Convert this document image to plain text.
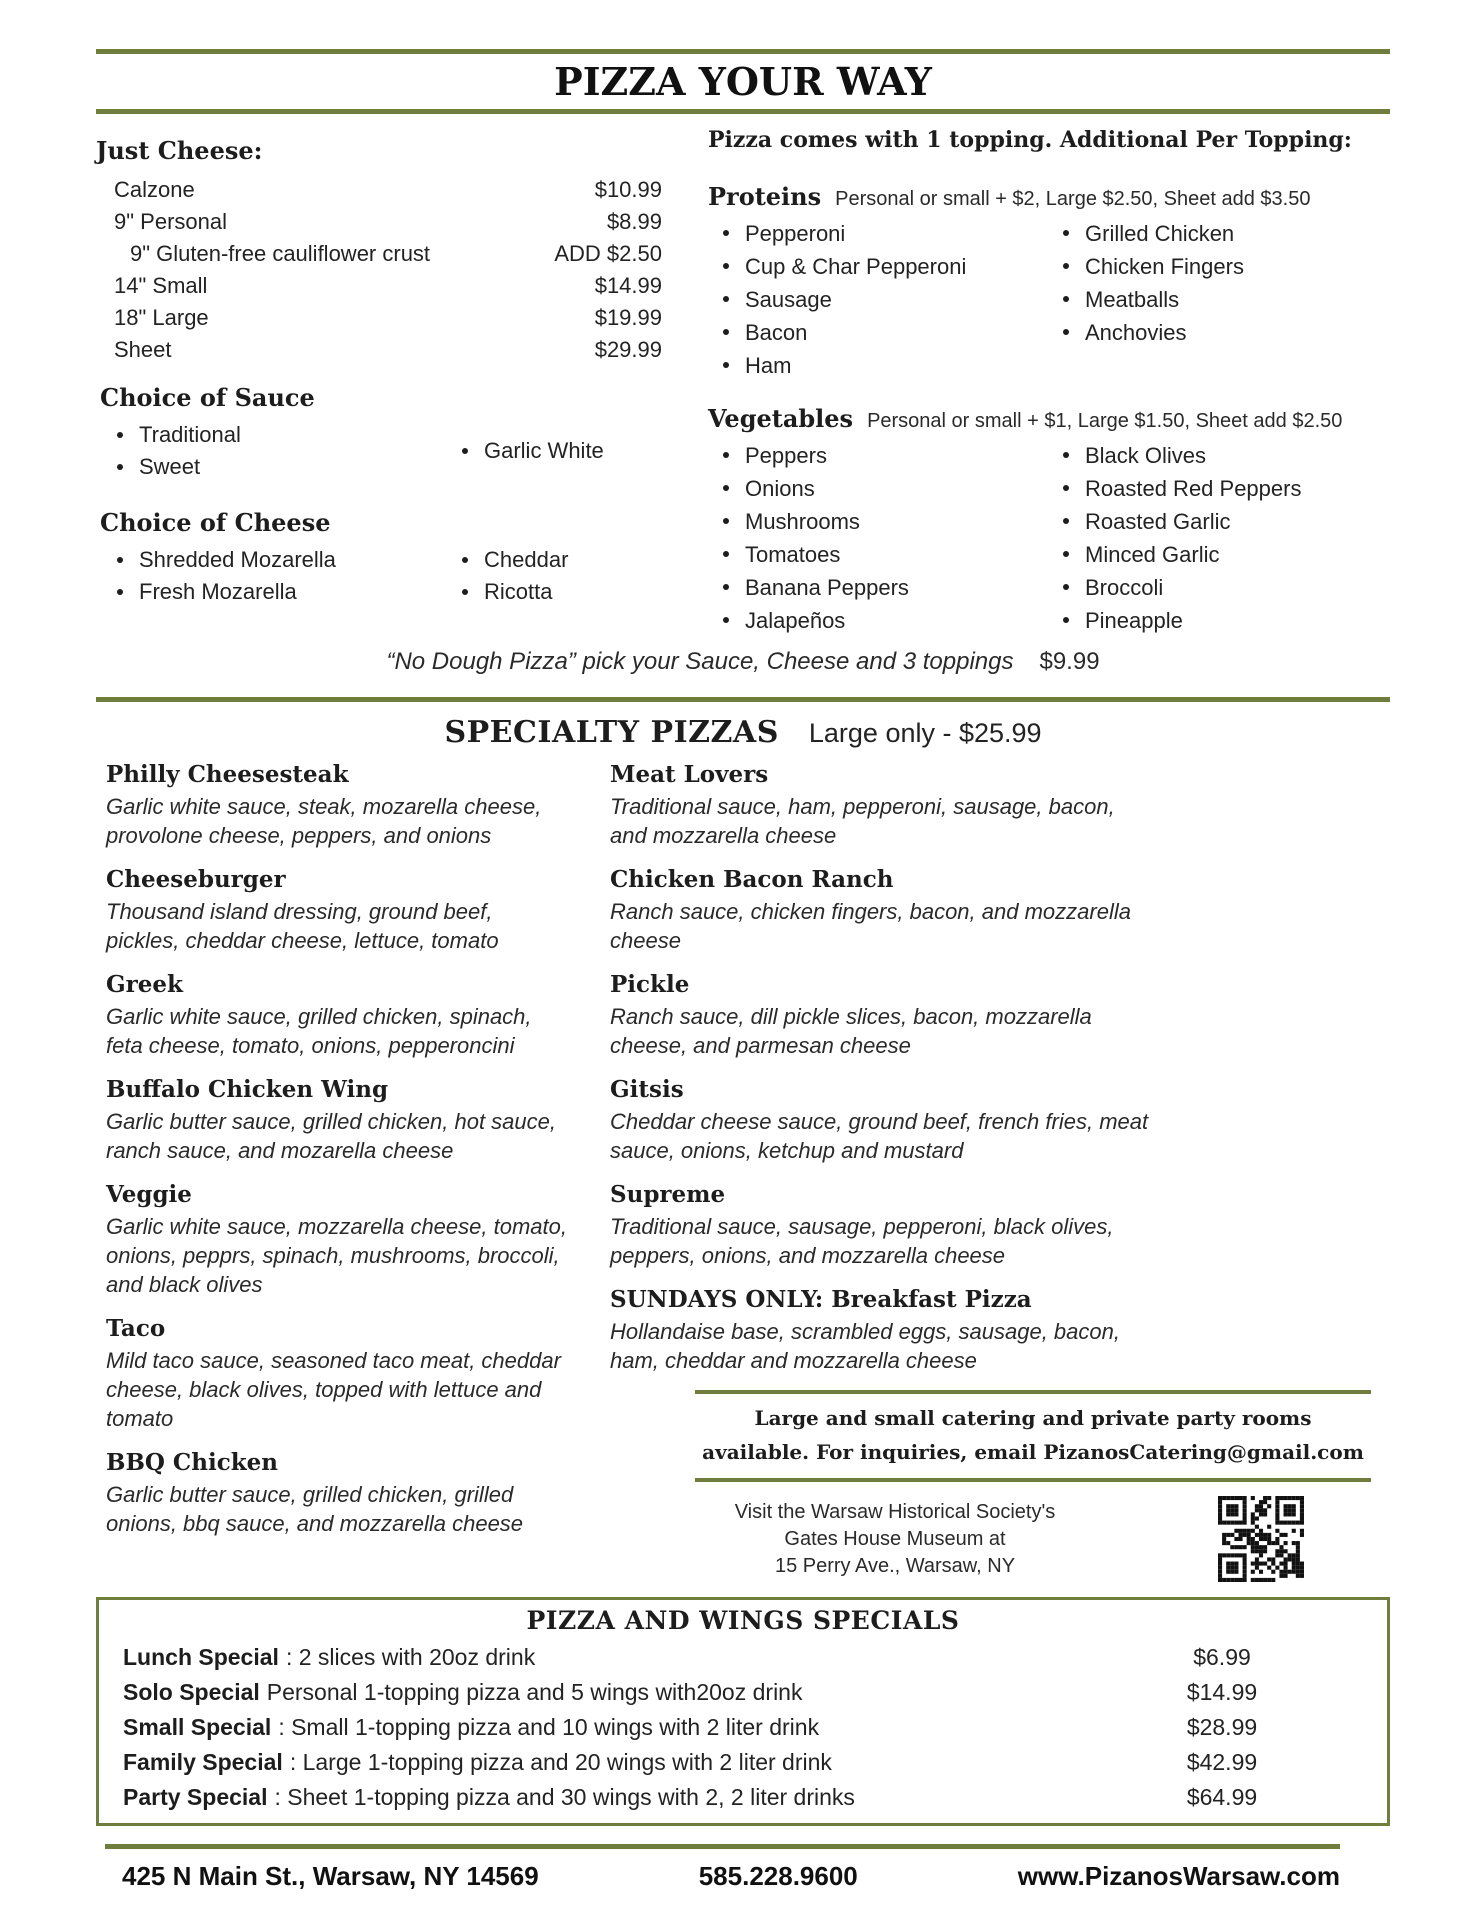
PIZZA YOUR WAY
Just Cheese:
Calzone	$10.99
9" Personal	$8.99
9" Gluten-free cauliflower crust	ADD $2.50
14" Small	$14.99
18" Large	$19.99
Sheet	$29.99
Choice of Sauce
Traditional
Sweet
Garlic White
Choice of Cheese
Shredded Mozarella
Fresh Mozarella
Cheddar
Ricotta
Pizza comes with 1 topping. Additional Per Topping:
Proteins Personal or small + $2, Large $2.50, Sheet add $3.50
Pepperoni
Cup & Char Pepperoni
Sausage
Bacon
Ham
Grilled Chicken
Chicken Fingers
Meatballs
Anchovies
Vegetables Personal or small + $1, Large $1.50, Sheet add $2.50
Peppers
Onions
Mushrooms
Tomatoes
Banana Peppers
Jalapeños
Black Olives
Roasted Red Peppers
Roasted Garlic
Minced Garlic
Broccoli
Pineapple
“No Dough Pizza” pick your Sauce, Cheese and 3 toppings $9.99
SPECIALTY PIZZAS Large only - $25.99
Philly Cheesesteak
Garlic white sauce, steak, mozarella cheese, provolone cheese, peppers, and onions
Cheeseburger
Thousand island dressing, ground beef, pickles, cheddar cheese, lettuce, tomato
Greek
Garlic white sauce, grilled chicken, spinach, feta cheese, tomato, onions, pepperoncini
Buffalo Chicken Wing
Garlic butter sauce, grilled chicken, hot sauce, ranch sauce, and mozarella cheese
Veggie
Garlic white sauce, mozzarella cheese, tomato, onions, pepprs, spinach, mushrooms, broccoli, and black olives
Taco
Mild taco sauce, seasoned taco meat, cheddar cheese, black olives, topped with lettuce and tomato
BBQ Chicken
Garlic butter sauce, grilled chicken, grilled onions, bbq sauce, and mozzarella cheese
Meat Lovers
Traditional sauce, ham, pepperoni, sausage, bacon, and mozzarella cheese
Chicken Bacon Ranch
Ranch sauce, chicken fingers, bacon, and mozzarella cheese
Pickle
Ranch sauce, dill pickle slices, bacon, mozzarella cheese, and parmesan cheese
Gitsis
Cheddar cheese sauce, ground beef, french fries, meat sauce, onions, ketchup and mustard
Supreme
Traditional sauce, sausage, pepperoni, black olives, peppers, onions, and mozzarella cheese
SUNDAYS ONLY: Breakfast Pizza
Hollandaise base, scrambled eggs, sausage, bacon, ham, cheddar and mozzarella cheese
Large and small catering and private party rooms
available. For inquiries, email PizanosCatering@gmail.com
Visit the Warsaw Historical Society's
Gates House Museum at
15 Perry Ave., Warsaw, NY
PIZZA AND WINGS SPECIALS
Lunch Special : 2 slices with 20oz drink	$6.99
Solo Special Personal 1-topping pizza and 5 wings with20oz drink	$14.99
Small Special : Small 1-topping pizza and 10 wings with 2 liter drink	$28.99
Family Special : Large 1-topping pizza and 20 wings with 2 liter drink	$42.99
Party Special : Sheet 1-topping pizza and 30 wings with 2, 2 liter drinks	$64.99
425 N Main St., Warsaw, NY 14569	585.228.9600	www.PizanosWarsaw.com
